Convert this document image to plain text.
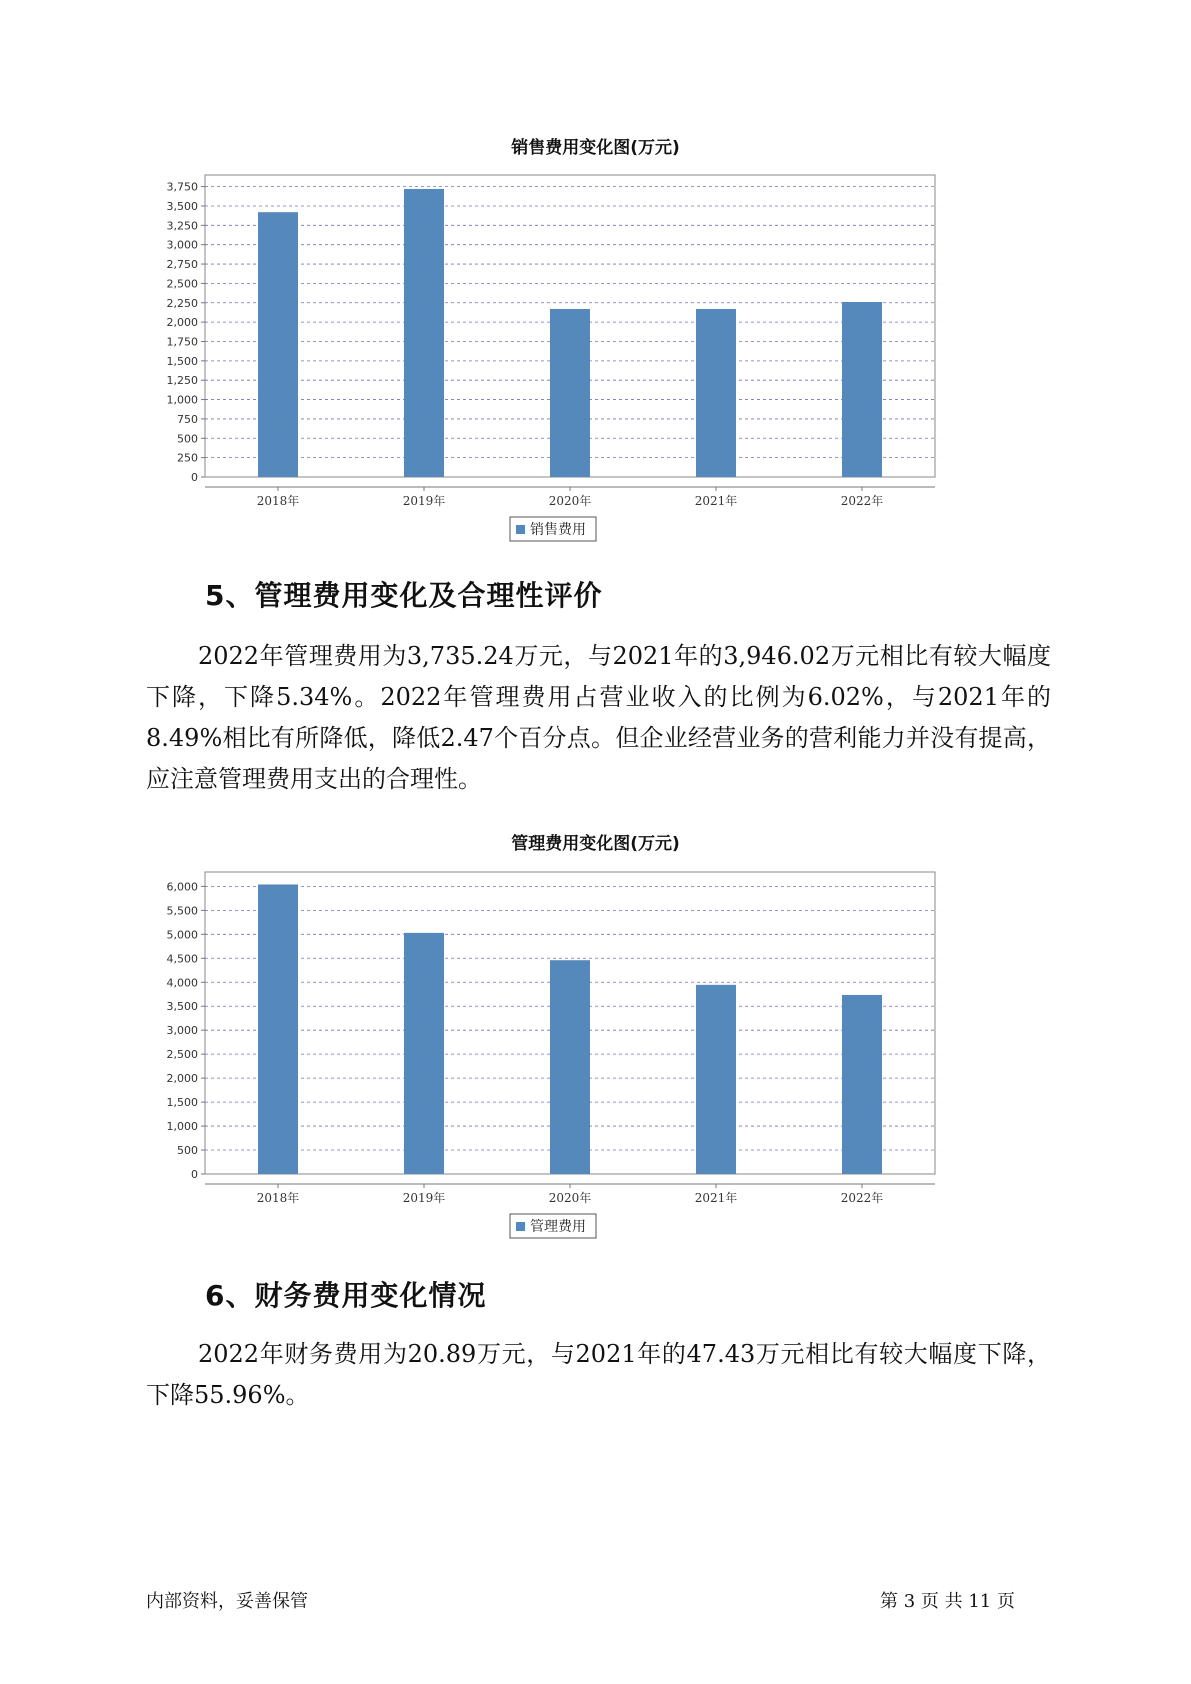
销售费用变化图(万元)
0
250
500
750
1,000
1,250
1,500
1,750
2,000
2,250
2,500
2,750
3,000
3,250
3,500
3,750
2018年	2019年	2020年	2021年	2022年
销售费用
5、管理费用变化及合理性评价

2022年管理费用为3,735.24万元，与2021年的3,946.02万元相比有较大幅度下降，下降5.34%。2022年管理费用占营业收入的比例为6.02%，与2021年的8.49%相比有所降低，降低2.47个百分点。但企业经营业务的营利能力并没有提高，应注意管理费用支出的合理性。

管理费用变化图(万元)
0
500
1,000
1,500
2,000
2,500
3,000
3,500
4,000
4,500
5,000
5,500
6,000
2018年	2019年	2020年	2021年	2022年
管理费用
6、财务费用变化情况

2022年财务费用为20.89万元，与2021年的47.43万元相比有较大幅度下降，下降55.96%。

内部资料，妥善保管	第 3 页 共 11 页
